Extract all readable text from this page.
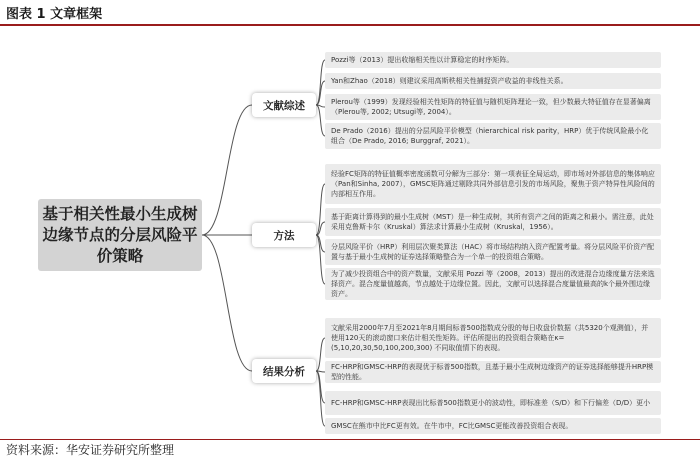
图表 1 文章框架
基于相关性最小生成树边缘节点的分层风险平价策略
文献综述
方法
结果分析
Pozzi等（2013）提出收缩相关性以计算稳定的时序矩阵。
Yan和Zhao（2018）则建议采用高斯秩相关性捕捉资产收益的非线性关系。
Plerou等（1999）发现经验相关性矩阵的特征值与随机矩阵理论一致，但少数最大特征值存在显著偏离（Plerou等, 2002; Utsugi等, 2004）。
De Prado（2016）提出的分层风险平价模型（hierarchical risk parity，HRP）优于传统风险最小化组合（De Prado, 2016; Burggraf, 2021）。
经验FC矩阵的特征值概率密度函数可分解为三部分：第一项表征全局运动，即市场对外部信息的集体响应（Pan和Sinha, 2007），GMSC矩阵通过剔除共同外部信息引发的市场风险，聚焦于资产特异性风险间的内部相互作用。
基于距离计算得到的最小生成树（MST）是一种生成树，其所有资产之间的距离之和最小。需注意，此处采用克鲁斯卡尔（Kruskal）算法求计算最小生成树（Kruskal，1956）。
分层风险平价（HRP）利用层次聚类算法（HAC）将市场结构纳入资产配置考量。将分层风险平价资产配置与基于最小生成树的证券选择策略整合为一个单一的投资组合策略。
为了减少投资组合中的资产数量，文献采用 Pozzi 等（2008，2013）提出的改进混合边缘度量方法来选择资产。混合度量值越高，节点越处于边缘位置。因此，文献可以选择混合度量值最高的k个最外围边缘资产。
文献采用2000年7月至2021年8月期间标普500指数成分股的每日收盘价数据（共5320个观测值），并使用120天的滚动窗口来估计相关性矩阵。评估所提出的投资组合策略在κ=(5,10,20,30,50,100,200,300) 不同取值情下的表现。
FC-HRP和GMSC-HRP的表现优于标普500指数，且基于最小生成树边缘资产的证券选择能够提升HRP模型的性能。
FC-HRP和GMSC-HRP表现出比标普500指数更小的波动性，即标准差（S/D）和下行偏差（D/D）更小
GMSC在熊市中比FC更有效。在牛市中，FC比GMSC更能改善投资组合表现。
资料来源：华安证券研究所整理
